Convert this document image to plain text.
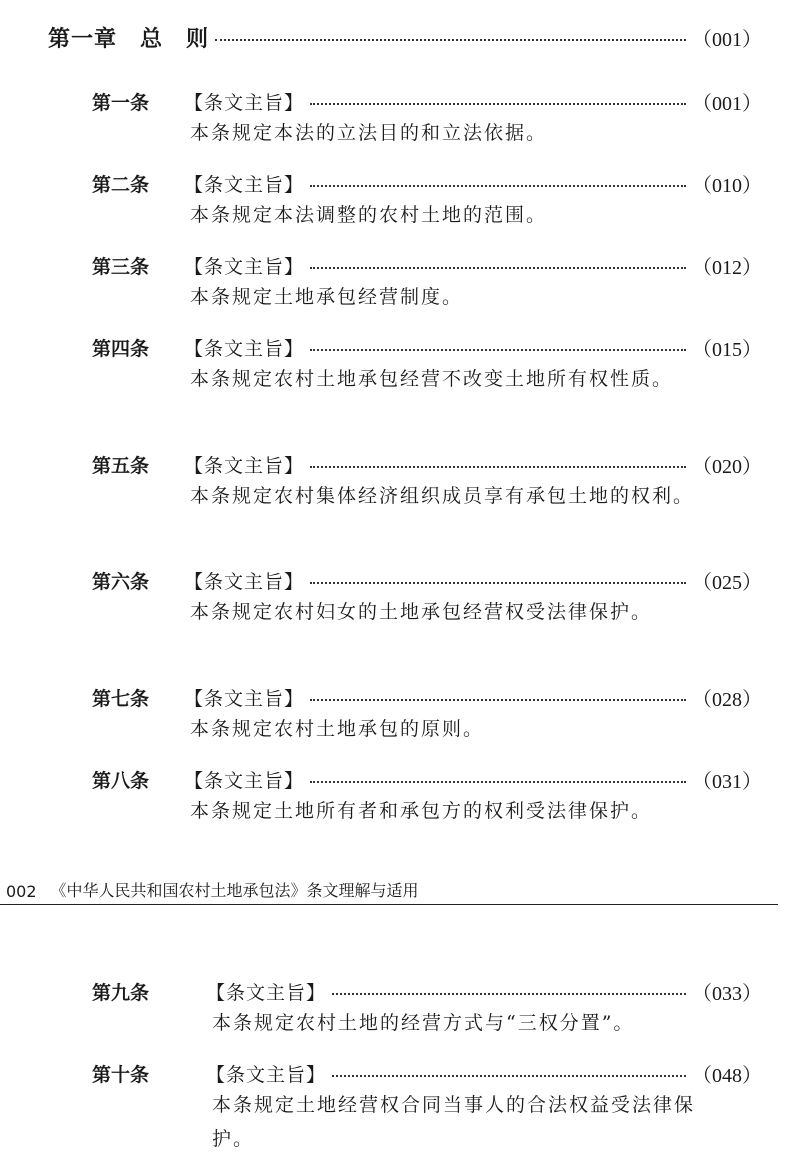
第一章　总　则	（001）
第一条	【条文主旨】	（001）
本条规定本法的立法目的和立法依据。
第二条	【条文主旨】	（010）
本条规定本法调整的农村土地的范围。
第三条	【条文主旨】	（012）
本条规定土地承包经营制度。
第四条	【条文主旨】	（015）
本条规定农村土地承包经营不改变土地所有权性质。
第五条	【条文主旨】	（020）
本条规定农村集体经济组织成员享有承包土地的权利。
第六条	【条文主旨】	（025）
本条规定农村妇女的土地承包经营权受法律保护。
第七条	【条文主旨】	（028）
本条规定农村土地承包的原则。
第八条	【条文主旨】	（031）
本条规定土地所有者和承包方的权利受法律保护。
002 《中华人民共和国农村土地承包法》条文理解与适用
第九条	【条文主旨】	（033）
本条规定农村土地的经营方式与“三权分置”。
第十条	【条文主旨】	（048）
本条规定土地经营权合同当事人的合法权益受法律保护。
